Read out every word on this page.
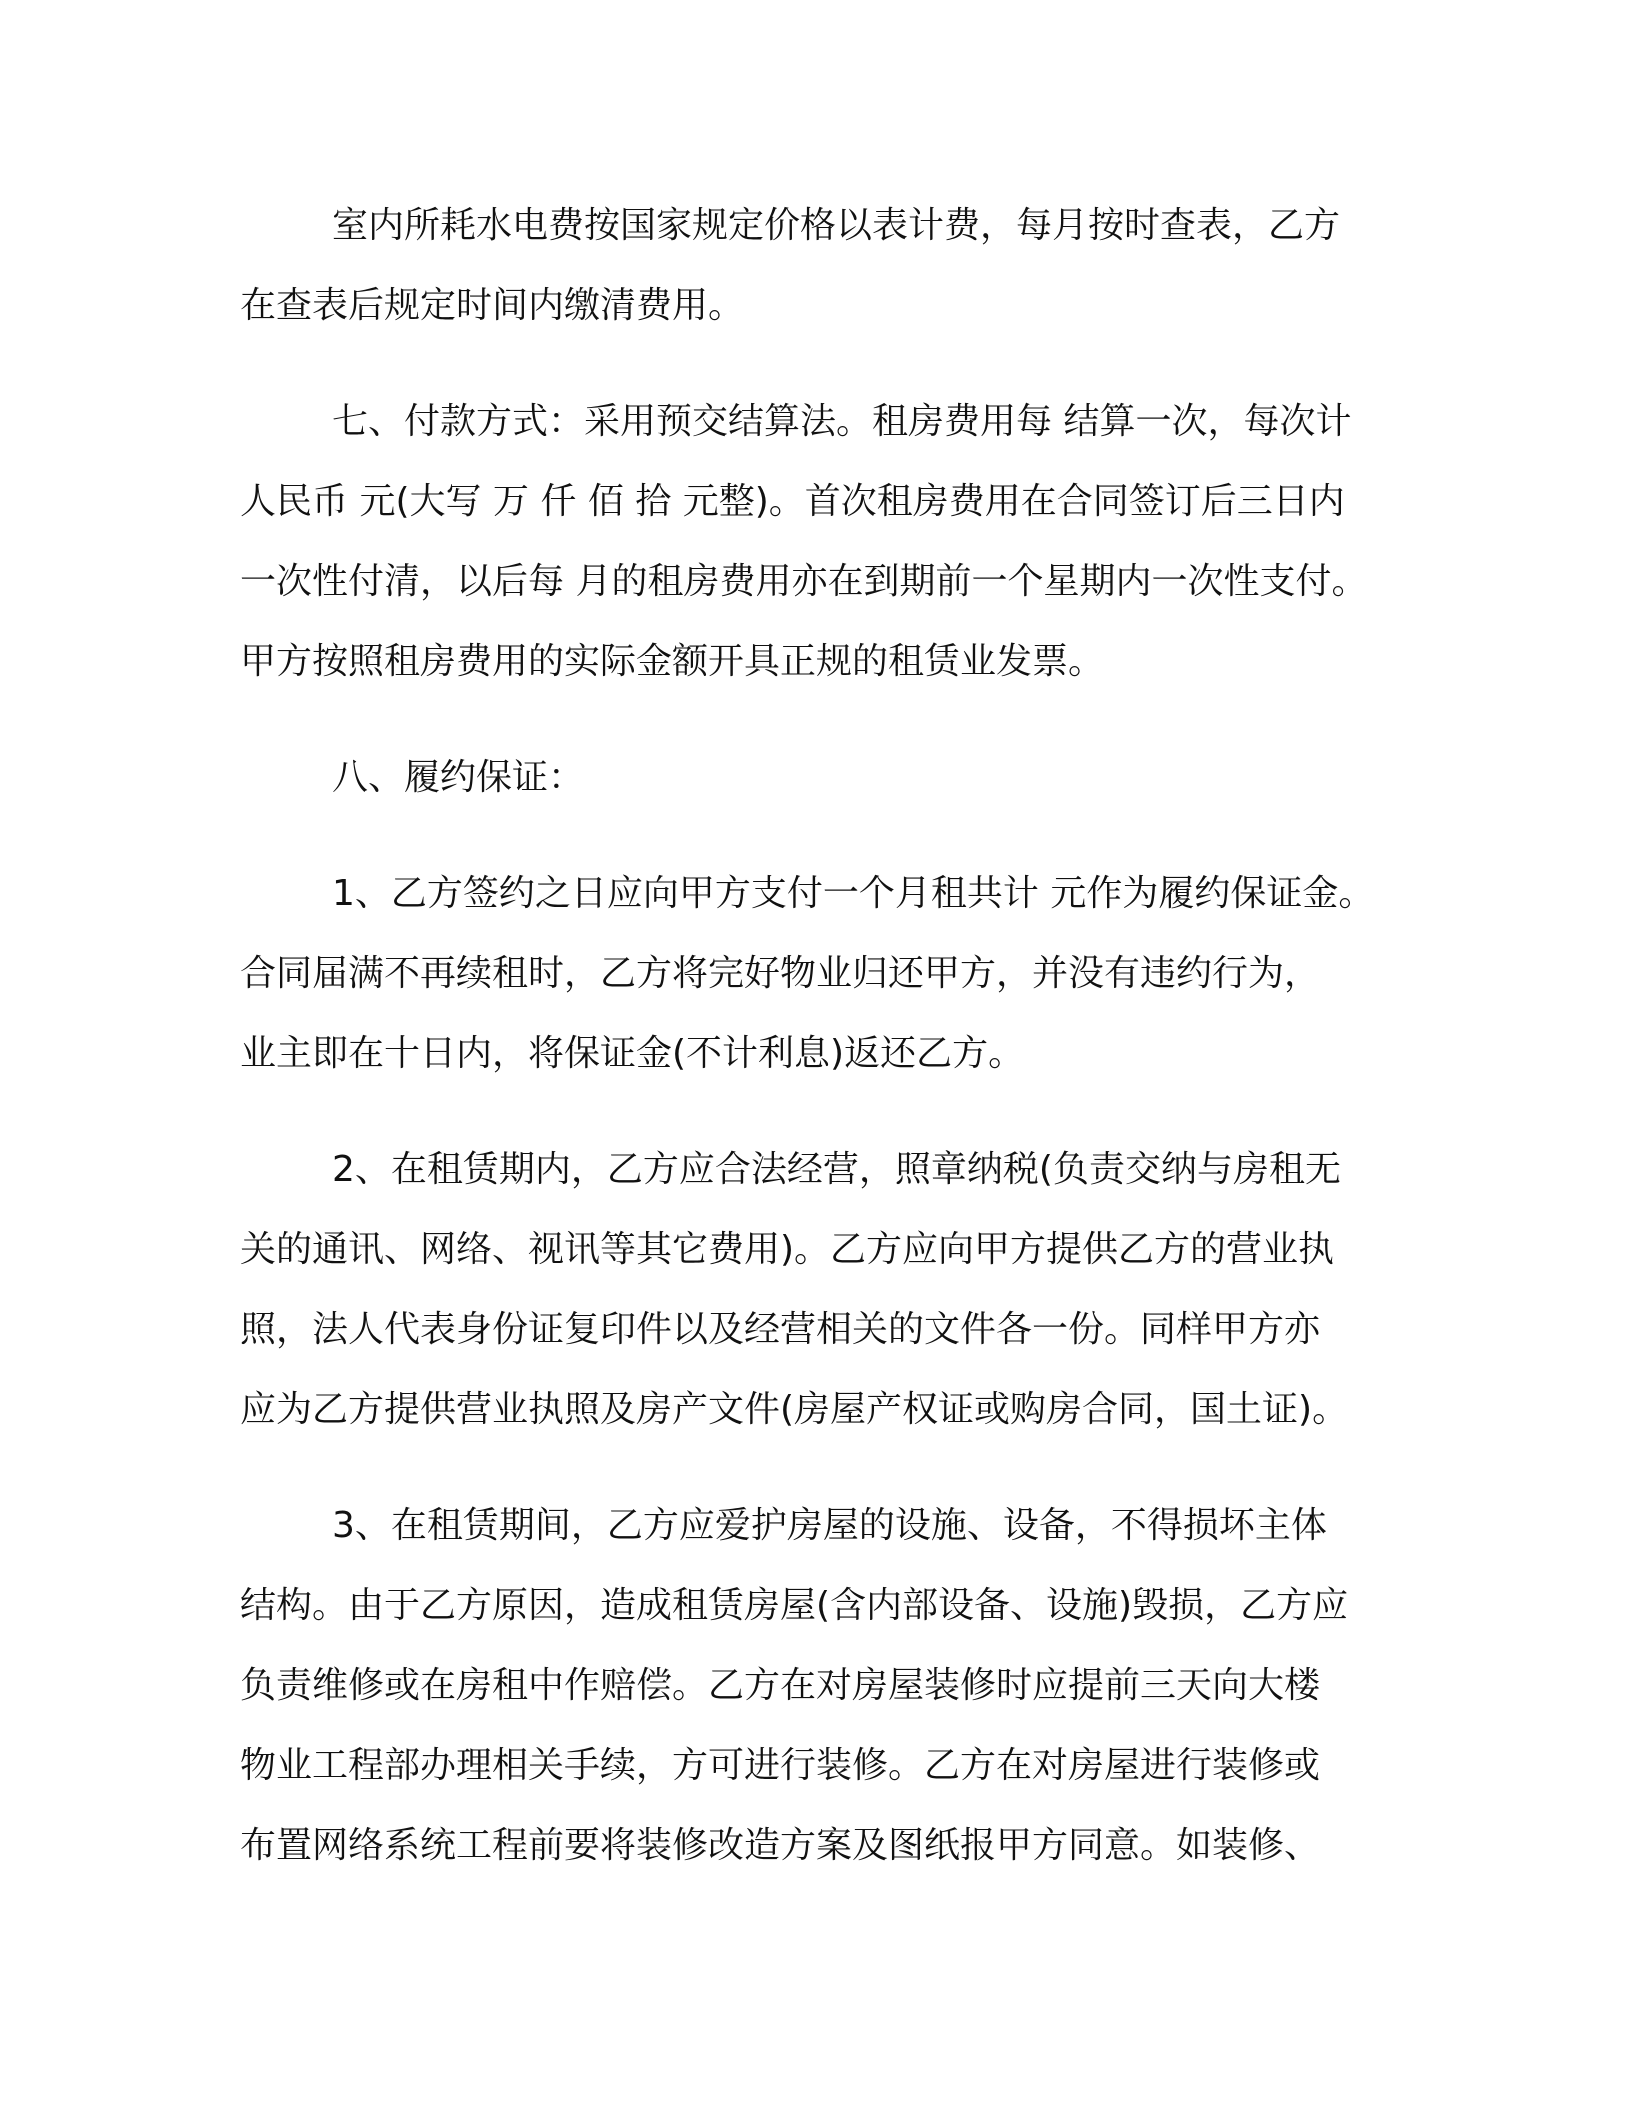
室内所耗水电费按国家规定价格以表计费，每月按时查表，乙方
在查表后规定时间内缴清费用。
七、付款方式：采用预交结算法。租房费用每 结算一次，每次计
人民币 元(大写 万 仟 佰 拾 元整)。首次租房费用在合同签订后三日内
一次性付清，以后每 月的租房费用亦在到期前一个星期内一次性支付。
甲方按照租房费用的实际金额开具正规的租赁业发票。
八、履约保证：
1、乙方签约之日应向甲方支付一个月租共计 元作为履约保证金。
合同届满不再续租时，乙方将完好物业归还甲方，并没有违约行为，
业主即在十日内，将保证金(不计利息)返还乙方。
2、在租赁期内，乙方应合法经营，照章纳税(负责交纳与房租无
关的通讯、网络、视讯等其它费用)。乙方应向甲方提供乙方的营业执
照，法人代表身份证复印件以及经营相关的文件各一份。同样甲方亦
应为乙方提供营业执照及房产文件(房屋产权证或购房合同，国土证)。
3、在租赁期间，乙方应爱护房屋的设施、设备，不得损坏主体
结构。由于乙方原因，造成租赁房屋(含内部设备、设施)毁损，乙方应
负责维修或在房租中作赔偿。乙方在对房屋装修时应提前三天向大楼
物业工程部办理相关手续，方可进行装修。乙方在对房屋进行装修或
布置网络系统工程前要将装修改造方案及图纸报甲方同意。如装修、
